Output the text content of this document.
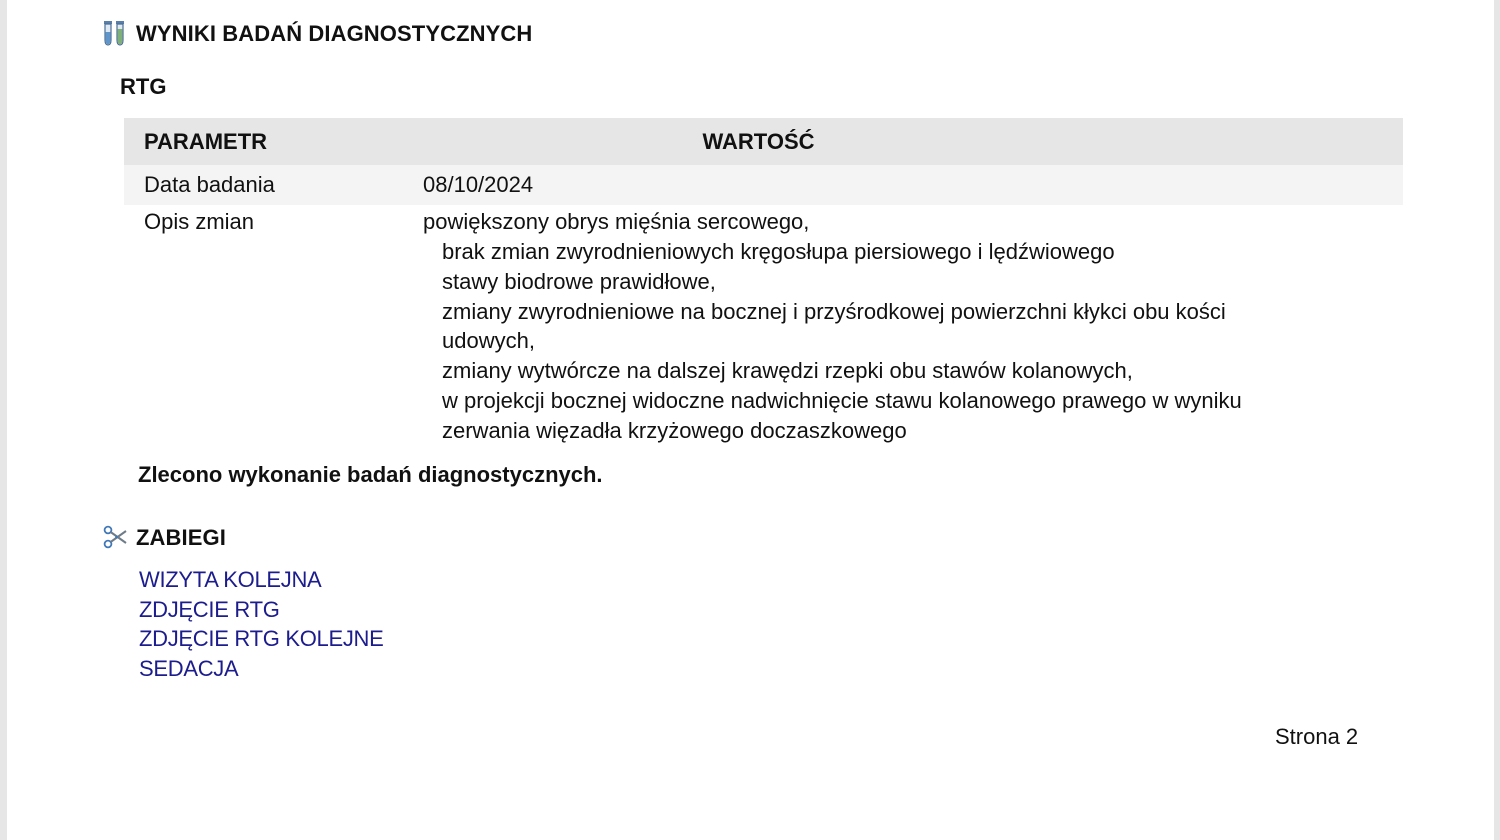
WYNIKI BADAŃ DIAGNOSTYCZNYCH
RTG
PARAMETR	WARTOŚĆ
Data badania	08/10/2024
Opis zmian	powiększony obrys mięśnia sercowego,
brak zmian zwyrodnieniowych kręgosłupa piersiowego i lędźwiowego
stawy biodrowe prawidłowe,
zmiany zwyrodnieniowe na bocznej i przyśrodkowej powierzchni kłykci obu kości
udowych,
zmiany wytwórcze na dalszej krawędzi rzepki obu stawów kolanowych,
w projekcji bocznej widoczne nadwichnięcie stawu kolanowego prawego w wyniku
zerwania więzadła krzyżowego doczaszkowego
Zlecono wykonanie badań diagnostycznych.
ZABIEGI
WIZYTA KOLEJNA
ZDJĘCIE RTG
ZDJĘCIE RTG KOLEJNE
SEDACJA
Strona 2
